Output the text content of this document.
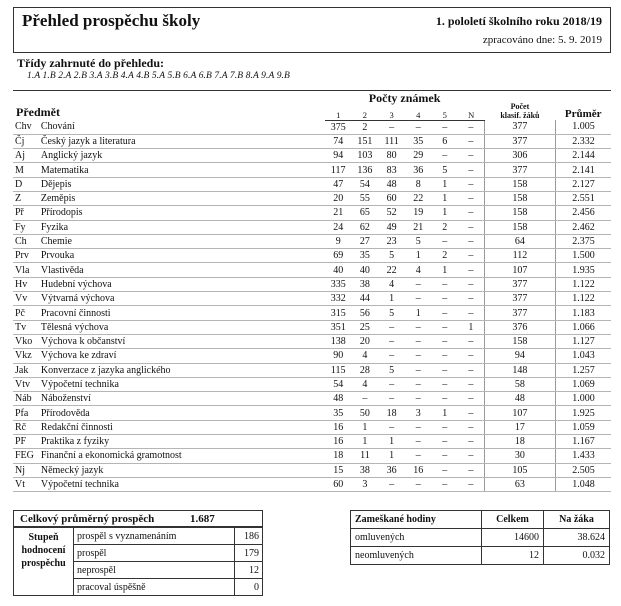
Přehled prospěchu školy	1. pololetí školního roku 2018/19
zpracováno dne: 5. 9. 2019
Třídy zahrnuté do přehledu:
1.A 1.B 2.A 2.B 3.A 3.B 4.A 4.B 5.A 5.B 6.A 6.B 7.A 7.B 8.A 9.A 9.B
Předmět		Počty známek						Počet
klasif. žáků	Průměr
		1	2	3	4	5	N		
Chv	Chování	375	2	–	–	–	–	377	1.005
Čj	Český jazyk a literatura	74	151	111	35	6	–	377	2.332
Aj	Anglický jazyk	94	103	80	29	–	–	306	2.144
M	Matematika	117	136	83	36	5	–	377	2.141
D	Dějepis	47	54	48	8	1	–	158	2.127
Z	Zeměpis	20	55	60	22	1	–	158	2.551
Př	Přírodopis	21	65	52	19	1	–	158	2.456
Fy	Fyzika	24	62	49	21	2	–	158	2.462
Ch	Chemie	9	27	23	5	–	–	64	2.375
Prv	Prvouka	69	35	5	1	2	–	112	1.500
Vla	Vlastivěda	40	40	22	4	1	–	107	1.935
Hv	Hudební výchova	335	38	4	–	–	–	377	1.122
Vv	Výtvarná výchova	332	44	1	–	–	–	377	1.122
Pč	Pracovní činnosti	315	56	5	1	–	–	377	1.183
Tv	Tělesná výchova	351	25	–	–	–	1	376	1.066
Vko	Výchova k občanství	138	20	–	–	–	–	158	1.127
Vkz	Výchova ke zdraví	90	4	–	–	–	–	94	1.043
Jak	Konverzace z jazyka anglického	115	28	5	–	–	–	148	1.257
Vtv	Výpočetní technika	54	4	–	–	–	–	58	1.069
Náb	Náboženství	48	–	–	–	–	–	48	1.000
Pfa	Přírodověda	35	50	18	3	1	–	107	1.925
Rč	Redakční činnosti	16	1	–	–	–	–	17	1.059
PF	Praktika z fyziky	16	1	1	–	–	–	18	1.167
FEG	Finanční a ekonomická gramotnost	18	11	1	–	–	–	30	1.433
Nj	Německý jazyk	15	38	36	16	–	–	105	2.505
Vt	Výpočetní technika	60	3	–	–	–	–	63	1.048
Celkový průměrný prospěch	1.687
Stupeň
hodnocení
prospěchu	prospěl s vyznamenáním	186
	prospěl	179
	neprospěl	12
	pracoval úspěšně	0
Zameškané hodiny	Celkem	Na žáka
omluvených	14600	38.624
neomluvených	12	0.032
